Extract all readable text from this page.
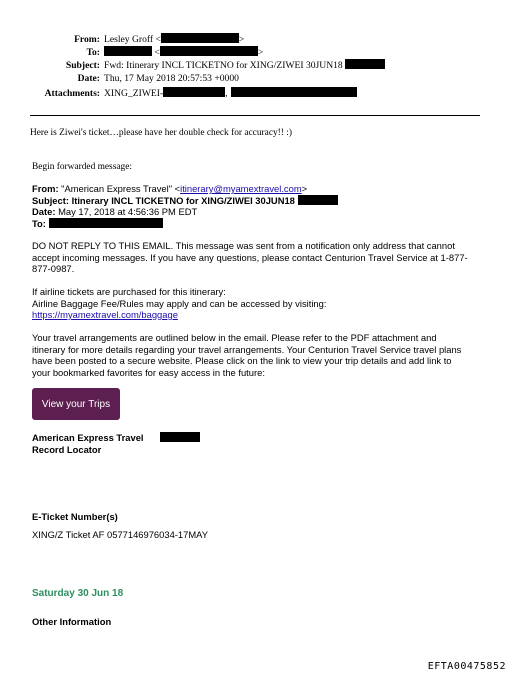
From: Lesley Groff <	>
To:	<	>
Subject: Fwd: Itinerary INCL TICKETNO for XING/ZIWEI 30JUN18
Date: Thu, 17 May 2018 20:57:53 +0000
Attachments: XING_ZIWEI-	,
Here is Ziwei's ticket…please have her double check for accuracy!! :)
Begin forwarded message:
From: "American Express Travel" <itinerary@myamextravel.com>
Subject: Itinerary INCL TICKETNO for XING/ZIWEI 30JUN18
Date: May 17, 2018 at 4:56:36 PM EDT
To:
DO NOT REPLY TO THIS EMAIL. This message was sent from a notification only address that cannot accept incoming messages. If you have any questions, please contact Centurion Travel Service at 1-877-877-0987.
If airline tickets are purchased for this itinerary:
Airline Baggage Fee/Rules may apply and can be accessed by visiting:
https://myamextravel.com/baggage
Your travel arrangements are outlined below in the email. Please refer to the PDF attachment and itinerary for more details regarding your travel arrangements. Your Centurion Travel Service travel plans have been posted to a secure website. Please click on the link to view your trip details and add link to your bookmarked favorites for easy access in the future:
View your Trips
American Express Travel
Record Locator
E-Ticket Number(s)
XING/Z Ticket AF 0577146976034-17MAY
Saturday 30 Jun 18
Other Information
EFTA00475852
